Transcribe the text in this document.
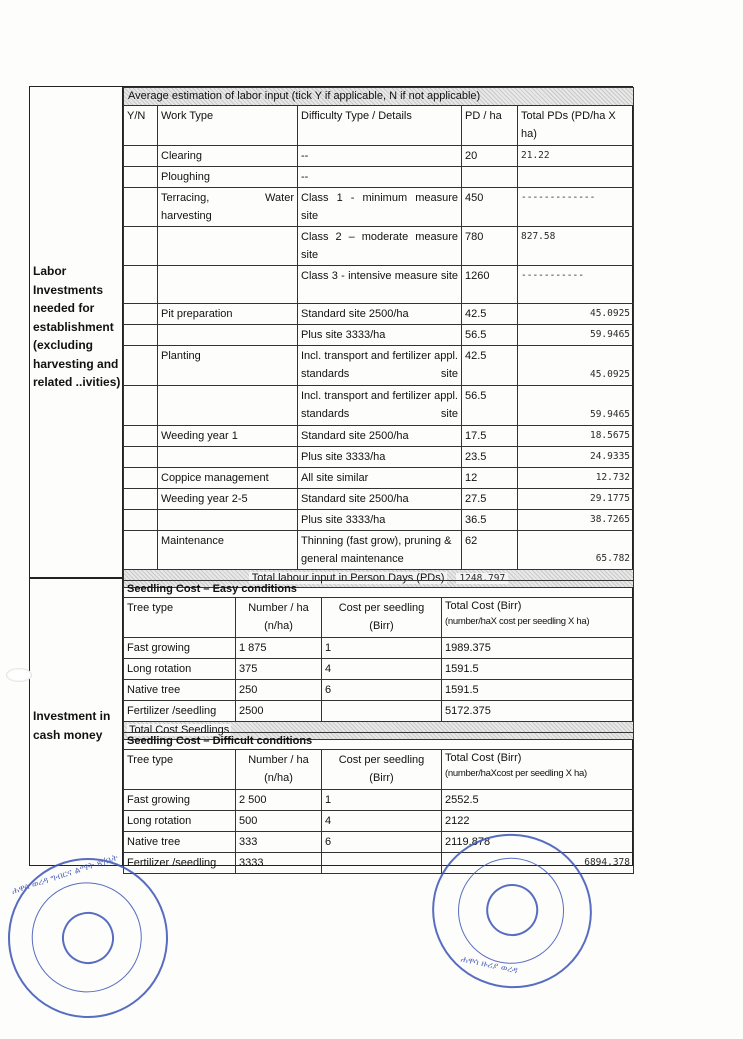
Labor Investments needed for establishment (excluding harvesting and related ..ivities)
Investment in cash money
Average estimation of labor input (tick Y if applicable, N if not applicable)				
Y/N	Work Type	Difficulty Type / Details	PD / ha	Total PDs (PD/ha X ha)
	Clearing	--	20	21.22
	Ploughing	--		
	Terracing, Water harvesting	Class 1 - minimum measure site	450	-------------
		Class 2 – moderate measure site	780	827.58
		Class 3 - intensive measure site	1260	-----------
	Pit preparation	Standard site 2500/ha	42.5	45.0925
		Plus site 3333/ha	56.5	59.9465
	Planting	Incl. transport and fertilizer appl. standards site	42.5	45.0925
		Incl. transport and fertilizer appl. standards site	56.5	59.9465
	Weeding year 1	Standard site 2500/ha	17.5	18.5675
		Plus site 3333/ha	23.5	24.9335
	Coppice management	All site similar	12	12.732
	Weeding year 2-5	Standard site 2500/ha	27.5	29.1775
		Plus site 3333/ha	36.5	38.7265
	Maintenance	Thinning (fast grow), pruning & general maintenance	62	65.782
Total labour input in Person Days (PDs) 1248.797				
Seedling Cost – Easy conditions			
Tree type	Number / ha (n/ha)	Cost per seedling (Birr)	Total Cost (Birr)
(number/haX cost per seedling X ha)

Fast growing	1 875	1	1989.375
Long rotation	375	4	1591.5
Native tree	250	6	1591.5
Fertilizer /seedling	2500		5172.375
Total Cost Seedlings			
Seedling Cost – Difficult conditions			
Tree type	Number / ha (n/ha)	Cost per seedling (Birr)	Total Cost (Birr)
(number/haXcost per seedling X ha)

Fast growing	2 500	1	2552.5
Long rotation	500	4	2122
Native tree	333	6	2119.878
Fertilizer /seedling	3333		6894.378
ሐዋሳ ወረዳ ግብርና ልማት ጽ/ቤት
ሐዋሳ ዙሪያ ወረዳ
